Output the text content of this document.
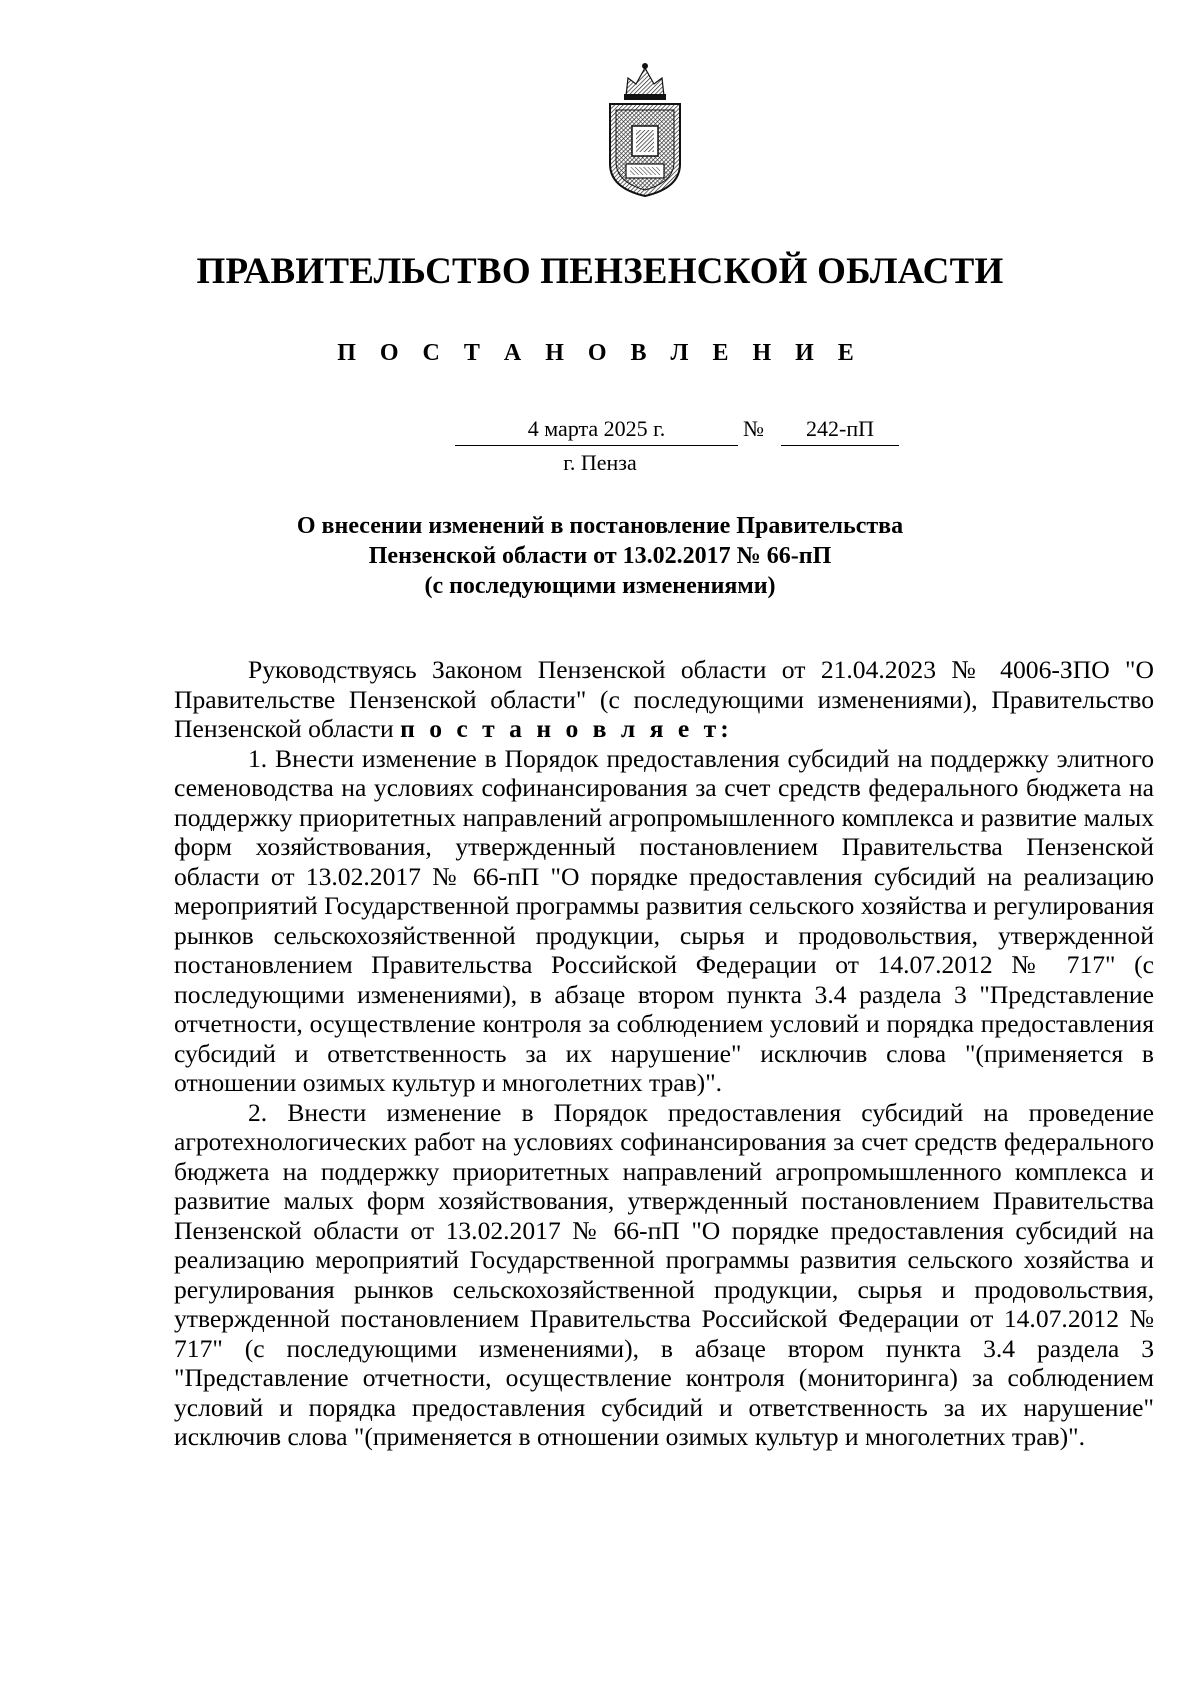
ПРАВИТЕЛЬСТВО ПЕНЗЕНСКОЙ ОБЛАСТИ
П О С Т А Н О В Л Е Н И Е
4 марта 2025 г.	№	242-пП
г. Пенза
О внесении изменений в постановление Правительства
Пензенской области от 13.02.2017 № 66-пП
(с последующими изменениями)

Руководствуясь Законом Пензенской области от 21.04.2023 № 4006-ЗПО "О Правительстве Пензенской области" (с последующими изменениями), Правительство Пензенской области п о с т а н о в л я е т:

1. Внести изменение в Порядок предоставления субсидий на поддержку элитного семеноводства на условиях софинансирования за счет средств федерального бюджета на поддержку приоритетных направлений агропромышленного комплекса и развитие малых форм хозяйствования, утвержденный постановлением Правительства Пензенской области от 13.02.2017 № 66-пП "О порядке предоставления субсидий на реализацию мероприятий Государственной программы развития сельского хозяйства и регулирования рынков сельскохозяйственной продукции, сырья и продовольствия, утвержденной постановлением Правительства Российской Федерации от 14.07.2012 № 717" (с последующими изменениями), в абзаце втором пункта 3.4 раздела 3 "Представление отчетности, осуществление контроля за соблюдением условий и порядка предоставления субсидий и ответственность за их нарушение" исключив слова "(применяется в отношении озимых культур и многолетних трав)".

2. Внести изменение в Порядок предоставления субсидий на проведение агротехнологических работ на условиях софинансирования за счет средств федерального бюджета на поддержку приоритетных направлений агропромышленного комплекса и развитие малых форм хозяйствования, утвержденный постановлением Правительства Пензенской области от 13.02.2017 № 66-пП "О порядке предоставления субсидий на реализацию мероприятий Государственной программы развития сельского хозяйства и регулирования рынков сельскохозяйственной продукции, сырья и продовольствия, утвержденной постановлением Правительства Российской Федерации от 14.07.2012 № 717" (с последующими изменениями), в абзаце втором пункта 3.4 раздела 3 "Представление отчетности, осуществление контроля (мониторинга) за соблюдением условий и порядка предоставления субсидий и ответственность за их нарушение" исключив слова "(применяется в отношении озимых культур и многолетних трав)".
